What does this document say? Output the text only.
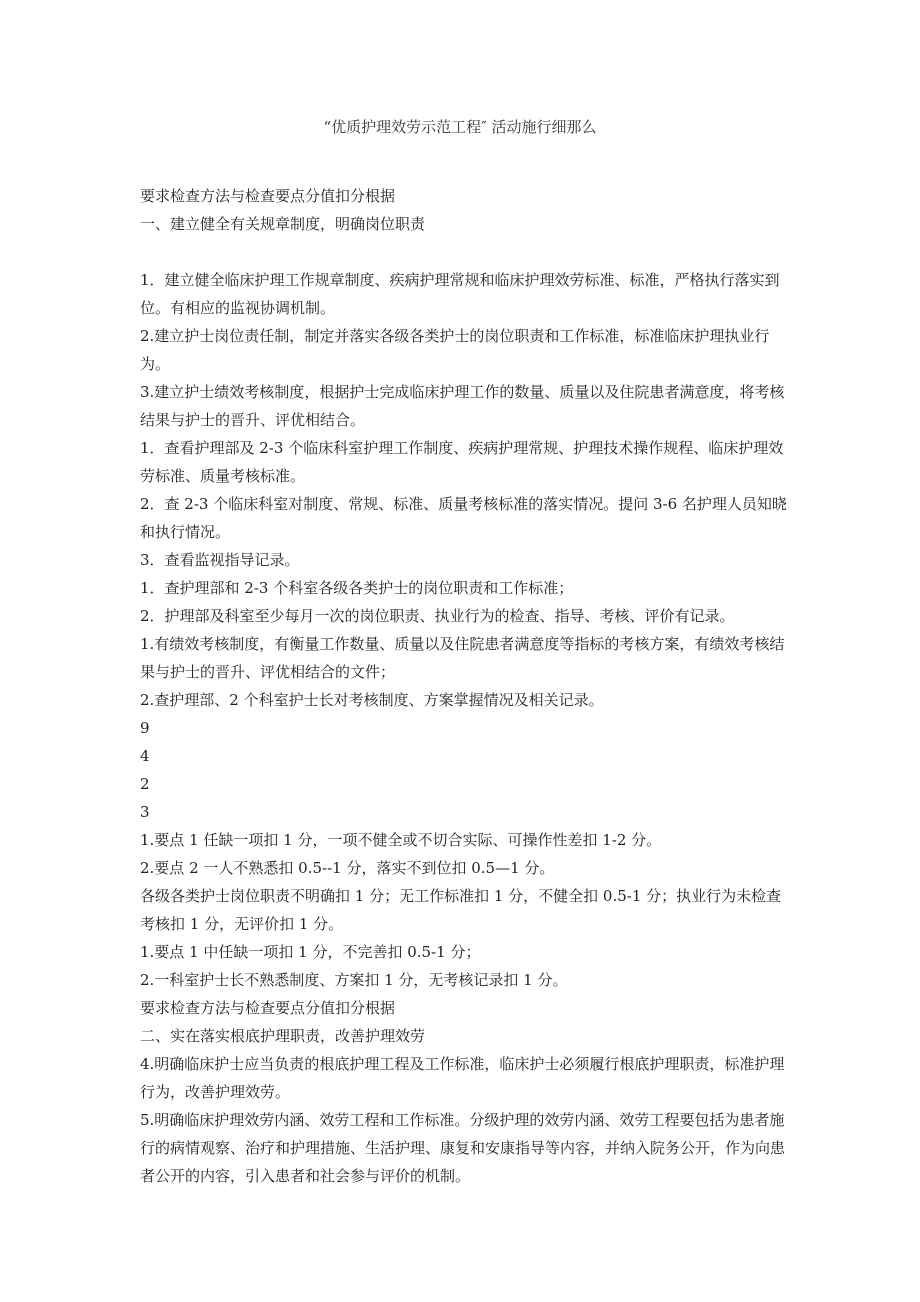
“优质护理效劳示范工程″ 活动施行细那么
要求检查方法与检查要点分值扣分根据
一、建立健全有关规章制度，明确岗位职责
1．建立健全临床护理工作规章制度、疾病护理常规和临床护理效劳标准、标准，严格执行落实到位。有相应的监视协调机制。
2.建立护士岗位责任制，制定并落实各级各类护士的岗位职责和工作标准，标准临床护理执业行为。
3.建立护士绩效考核制度，根据护士完成临床护理工作的数量、质量以及住院患者满意度，将考核结果与护士的晋升、评优相结合。
1．查看护理部及 2-3 个临床科室护理工作制度、疾病护理常规、护理技术操作规程、临床护理效劳标准、质量考核标准。
2．查 2-3 个临床科室对制度、常规、标准、质量考核标准的落实情况。提问 3-6 名护理人员知晓和执行情况。
3．查看监视指导记录。
1．查护理部和 2-3 个科室各级各类护士的岗位职责和工作标准；
2．护理部及科室至少每月一次的岗位职责、执业行为的检查、指导、考核、评价有记录。
1.有绩效考核制度，有衡量工作数量、质量以及住院患者满意度等指标的考核方案，有绩效考核结果与护士的晋升、评优相结合的文件；
2.查护理部、2 个科室护士长对考核制度、方案掌握情况及相关记录。
9
4
2
3
1.要点 1 任缺一项扣 1 分，一项不健全或不切合实际、可操作性差扣 1-2 分。
2.要点 2 一人不熟悉扣 0.5--1 分，落实不到位扣 0.5—1 分。
各级各类护士岗位职责不明确扣 1 分；无工作标准扣 1 分，不健全扣 0.5-1 分；执业行为未检查考核扣 1 分，无评价扣 1 分。
1.要点 1 中任缺一项扣 1 分，不完善扣 0.5-1 分；
2.一科室护士长不熟悉制度、方案扣 1 分，无考核记录扣 1 分。
要求检查方法与检查要点分值扣分根据
二、实在落实根底护理职责，改善护理效劳
4.明确临床护士应当负责的根底护理工程及工作标准，临床护士必须履行根底护理职责，标准护理行为，改善护理效劳。
5.明确临床护理效劳内涵、效劳工程和工作标准。分级护理的效劳内涵、效劳工程要包括为患者施行的病情观察、治疗和护理措施、生活护理、康复和安康指导等内容，并纳入院务公开，作为向患者公开的内容，引入患者和社会参与评价的机制。
